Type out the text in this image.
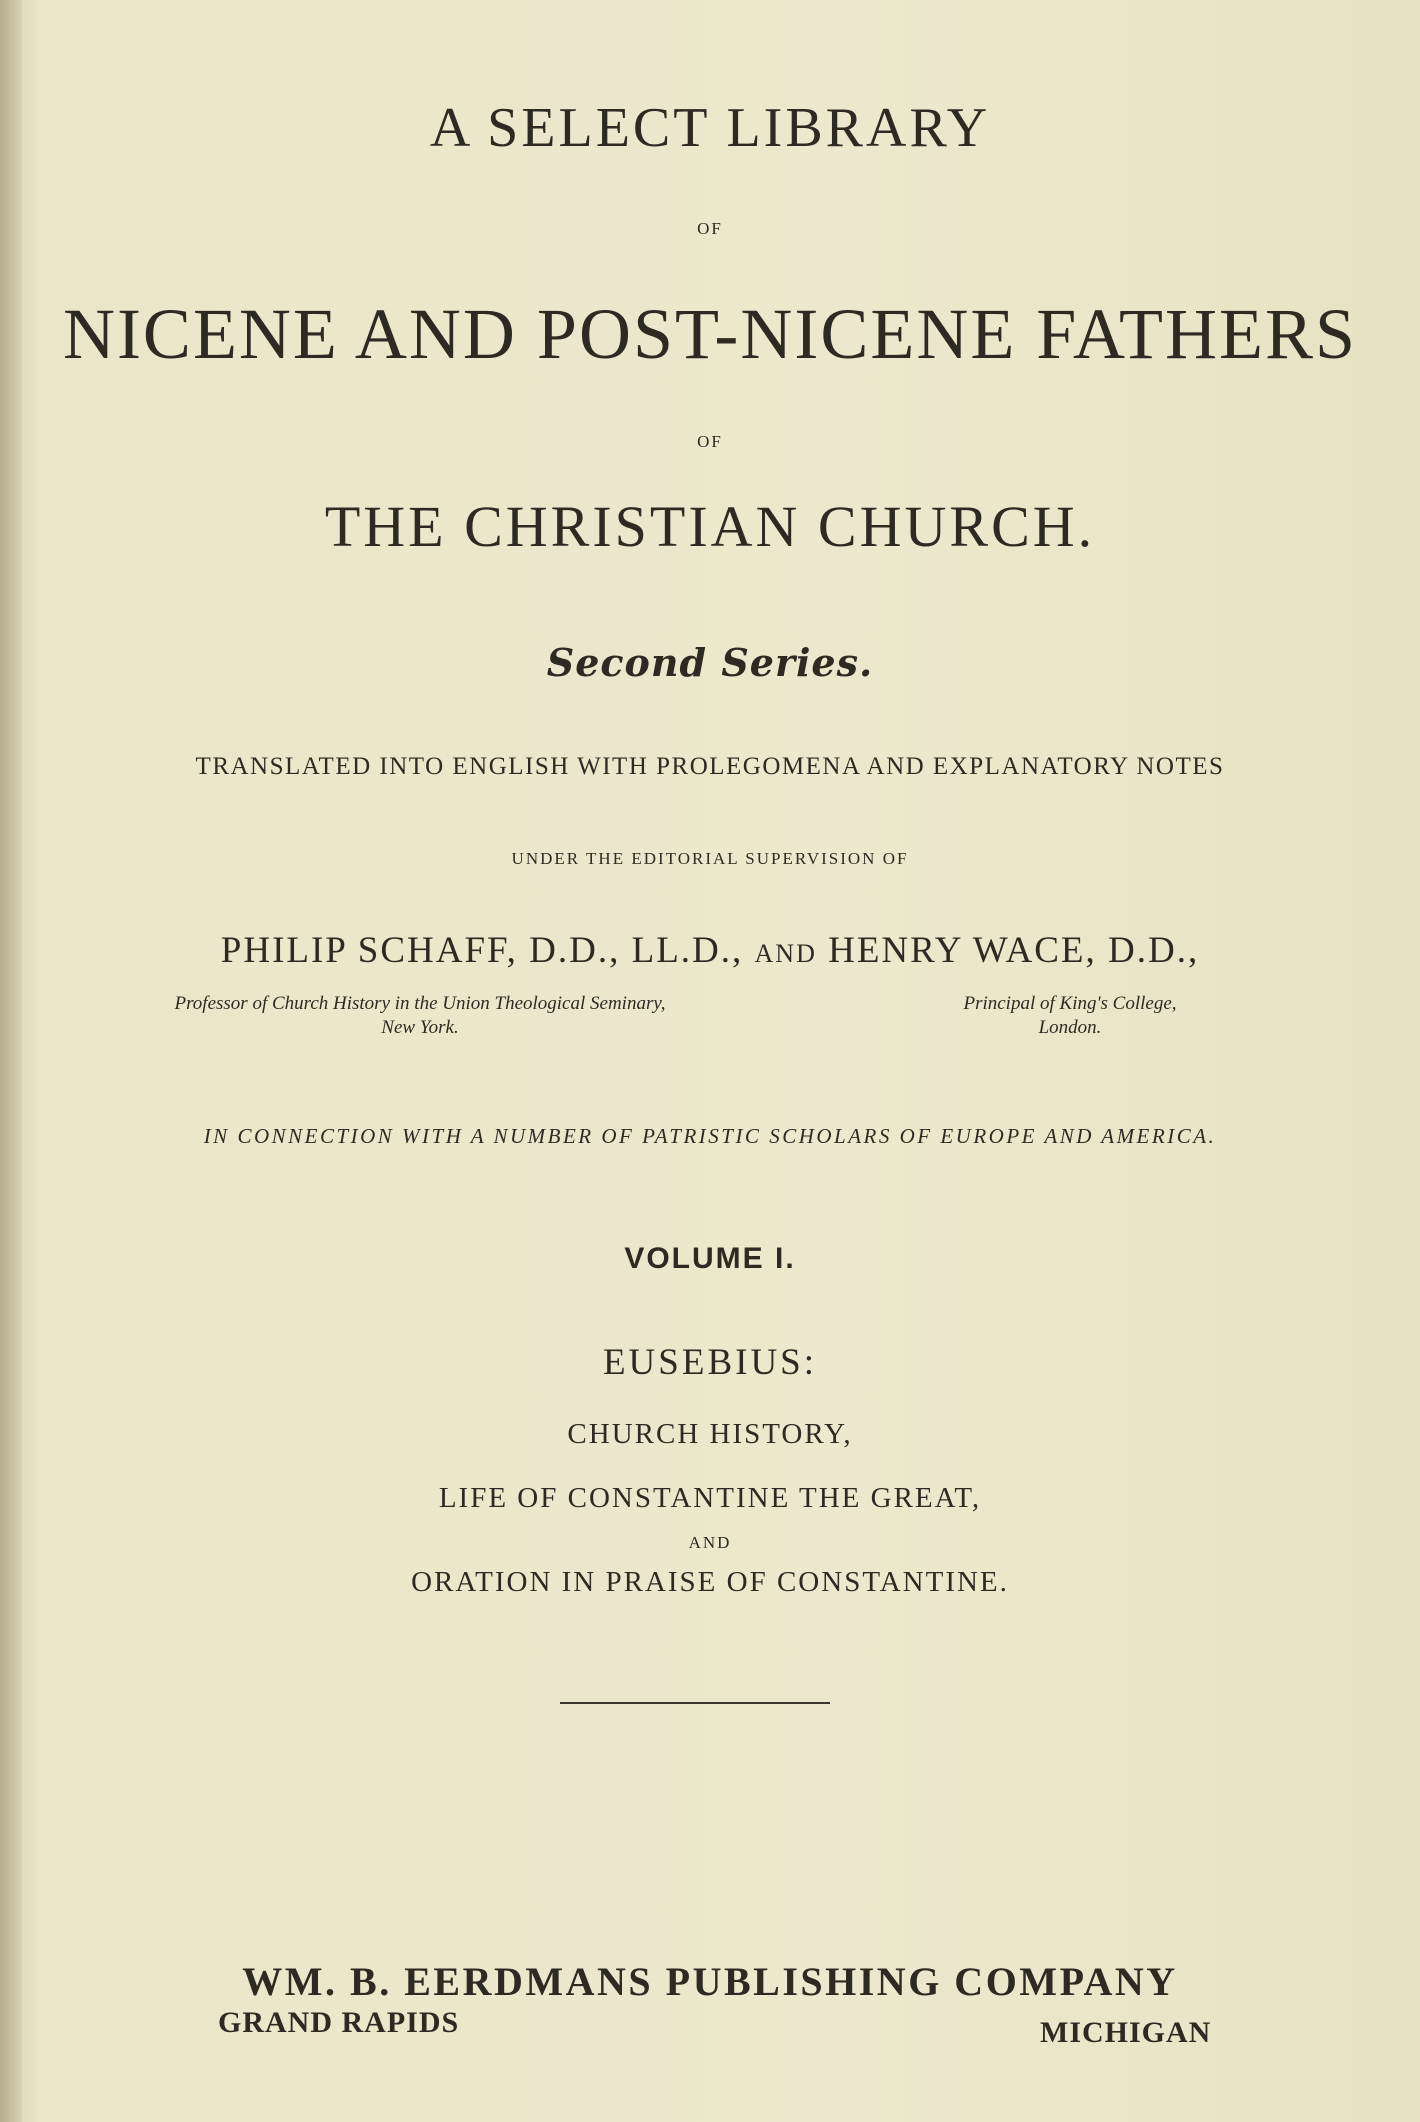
A SELECT LIBRARY
OF
NICENE AND POST-NICENE FATHERS
OF
THE CHRISTIAN CHURCH.
Second Series.
TRANSLATED INTO ENGLISH WITH PROLEGOMENA AND EXPLANATORY NOTES
UNDER THE EDITORIAL SUPERVISION OF
PHILIP SCHAFF, D.D., LL.D., AND HENRY WACE, D.D.,
Professor of Church History in the Union Theological Seminary,
New York.
Principal of King's College,
London.
IN CONNECTION WITH A NUMBER OF PATRISTIC SCHOLARS OF EUROPE AND AMERICA.
VOLUME I.
EUSEBIUS:
CHURCH HISTORY,
LIFE OF CONSTANTINE THE GREAT,
AND
ORATION IN PRAISE OF CONSTANTINE.
WM. B. EERDMANS PUBLISHING COMPANY
GRAND RAPIDS	MICHIGAN
